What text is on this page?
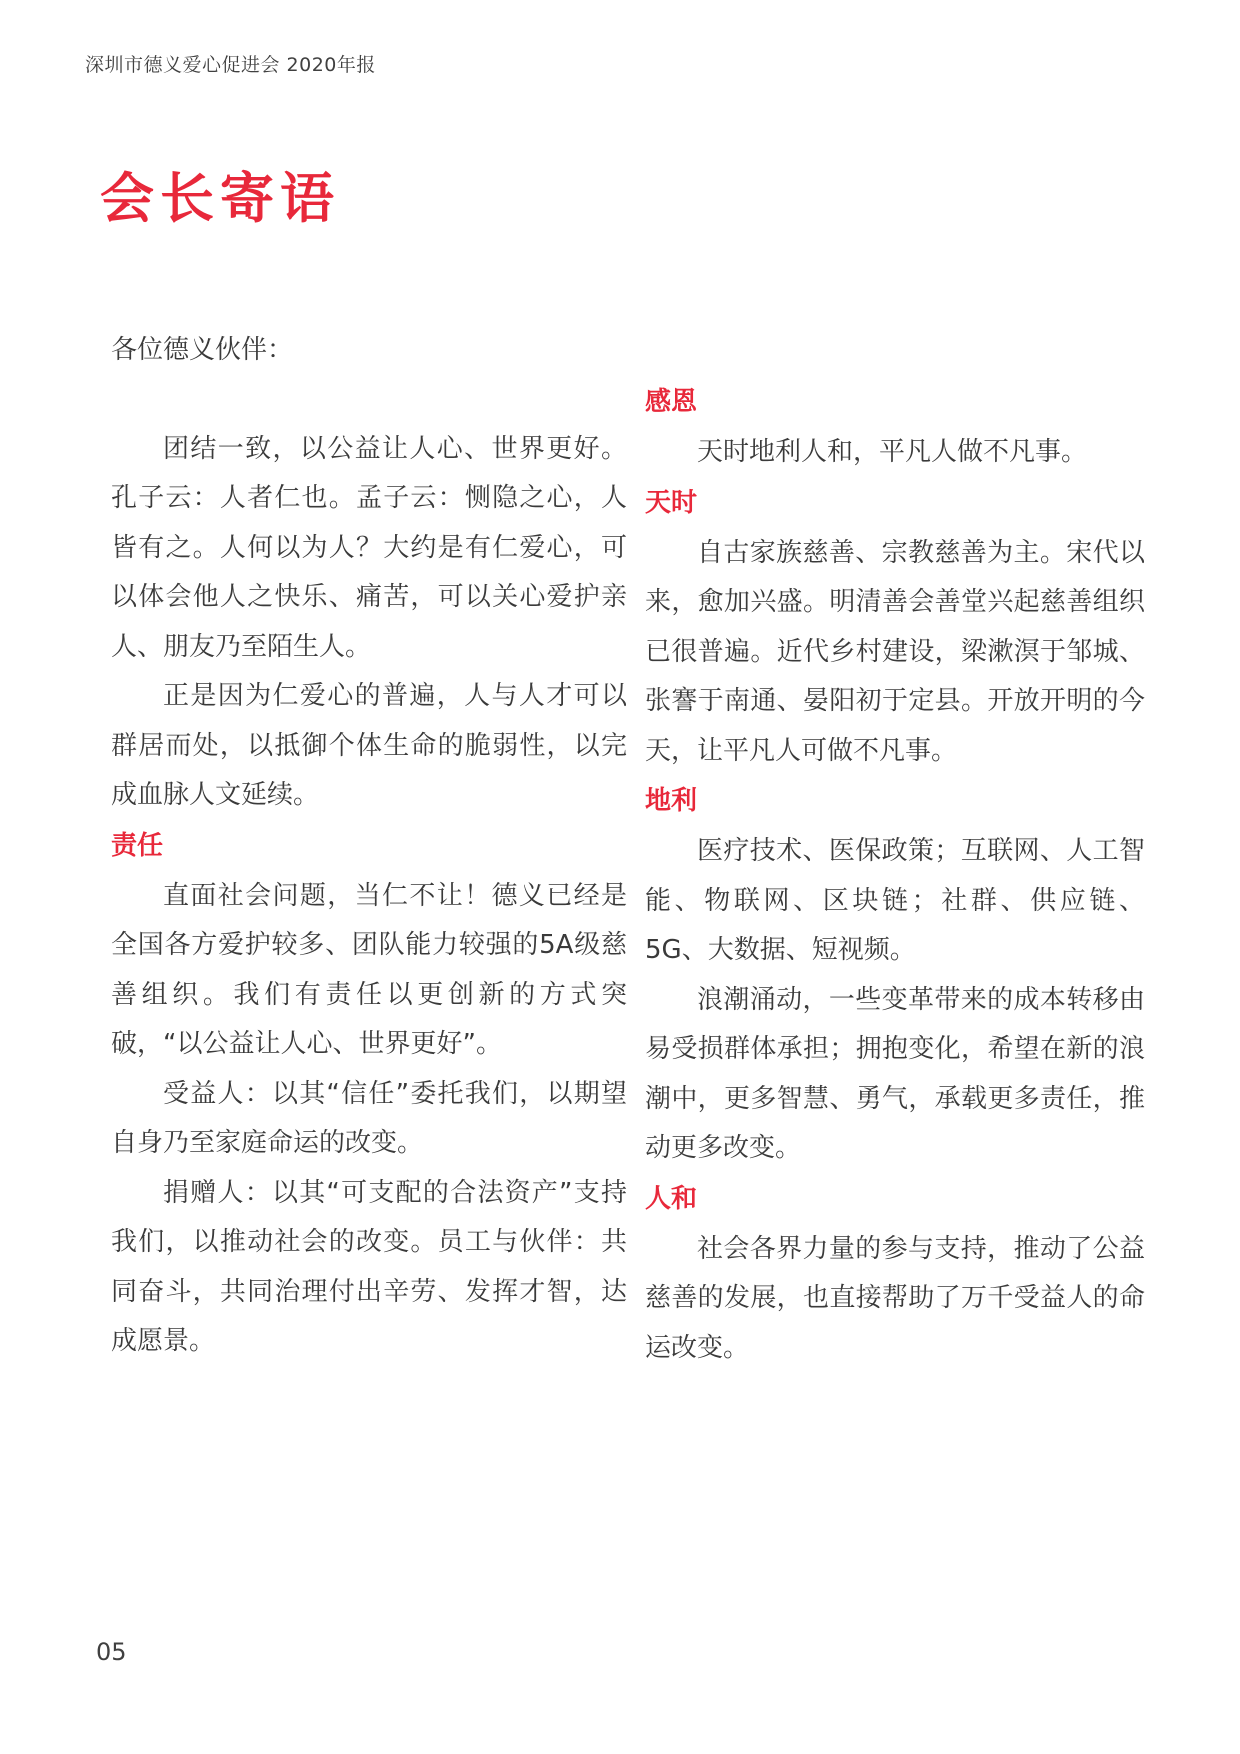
深圳市德义爱心促进会 2020年报
会长寄语

各位德义伙伴：

团结一致，以公益让人心、世界更好。孔子云：人者仁也。孟子云：恻隐之心，人皆有之。人何以为人？大约是有仁爱心，可以体会他人之快乐、痛苦，可以关心爱护亲人、朋友乃至陌生人。

正是因为仁爱心的普遍，人与人才可以群居而处，以抵御个体生命的脆弱性，以完成血脉人文延续。

责任

直面社会问题，当仁不让！德义已经是全国各方爱护较多、团队能力较强的5A级慈善组织。我们有责任以更创新的方式突破，“以公益让人心、世界更好”。

受益人：以其“信任”委托我们，以期望自身乃至家庭命运的改变。

捐赠人：以其“可支配的合法资产”支持我们，以推动社会的改变。员工与伙伴：共同奋斗，共同治理付出辛劳、发挥才智，达成愿景。

感恩

天时地利人和，平凡人做不凡事。

天时

自古家族慈善、宗教慈善为主。宋代以来，愈加兴盛。明清善会善堂兴起慈善组织已很普遍。近代乡村建设，梁漱溟于邹城、张謇于南通、晏阳初于定县。开放开明的今天，让平凡人可做不凡事。

地利

医疗技术、医保政策；互联网、人工智能、物联网、区块链；社群、供应链、5G、大数据、短视频。

浪潮涌动，一些变革带来的成本转移由易受损群体承担；拥抱变化，希望在新的浪潮中，更多智慧、勇气，承载更多责任，推动更多改变。

人和

社会各界力量的参与支持，推动了公益慈善的发展，也直接帮助了万千受益人的命运改变。

05
